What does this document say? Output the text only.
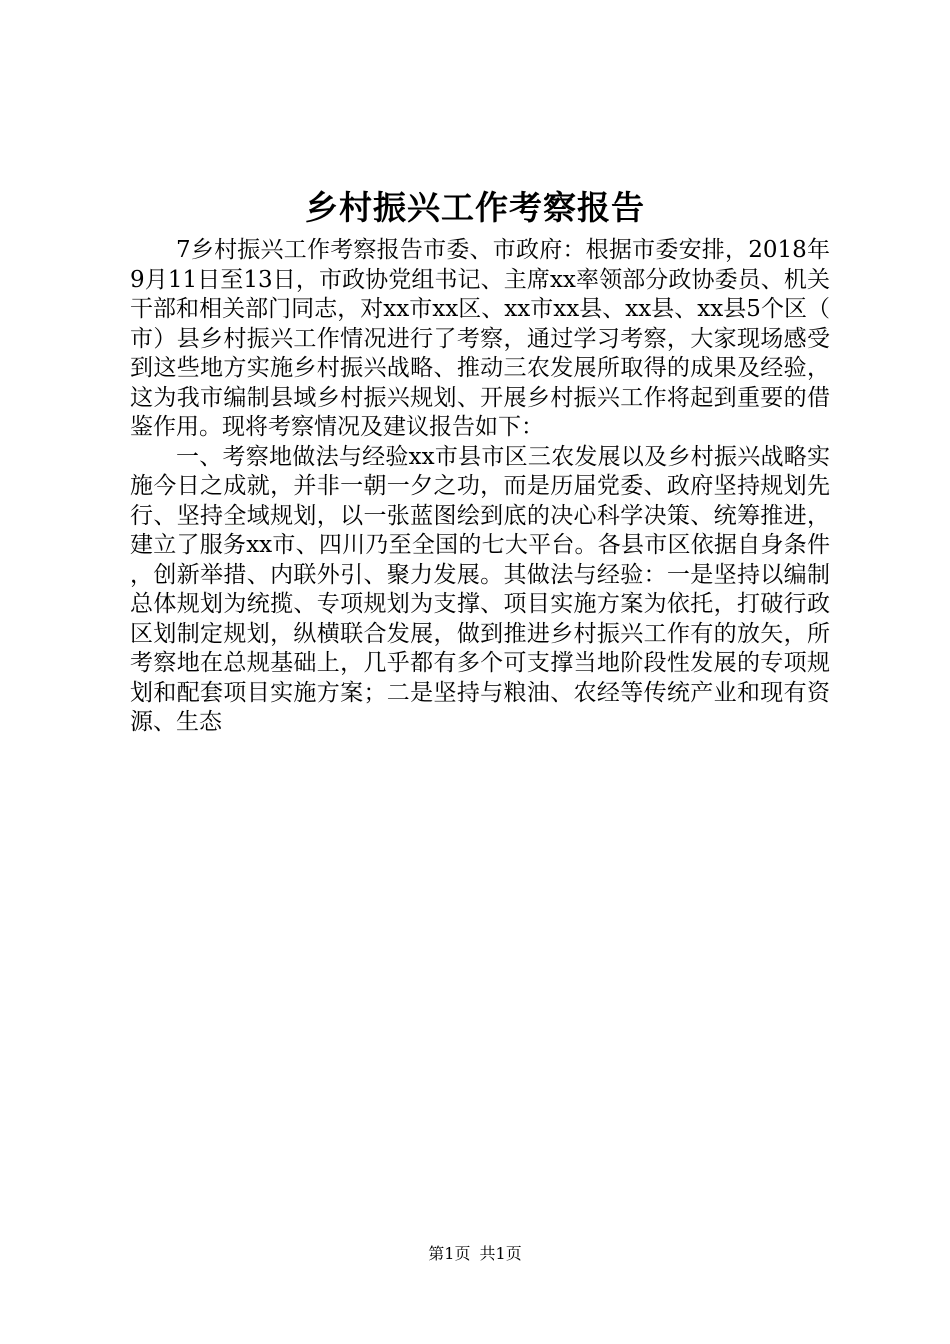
乡村振兴工作考察报告

7乡村振兴工作考察报告市委、市政府：根据市委安排，2018年9月11日至13日，市政协党组书记、主席xx率领部分政协委员、机关干部和相关部门同志，对xx市xx区、xx市xx县、xx县、xx县5个区（市）县乡村振兴工作情况进行了考察，通过学习考察，大家现场感受到这些地方实施乡村振兴战略、推动三农发展所取得的成果及经验，这为我市编制县域乡村振兴规划、开展乡村振兴工作将起到重要的借鉴作用。现将考察情况及建议报告如下：

一、考察地做法与经验xx市县市区三农发展以及乡村振兴战略实施今日之成就，并非一朝一夕之功，而是历届党委、政府坚持规划先行、坚持全域规划，以一张蓝图绘到底的决心科学决策、统筹推进，建立了服务xx市、四川乃至全国的七大平台。各县市区依据自身条件，创新举措、内联外引、聚力发展。其做法与经验：一是坚持以编制总体规划为统揽、专项规划为支撑、项目实施方案为依托，打破行政区划制定规划，纵横联合发展，做到推进乡村振兴工作有的放矢，所考察地在总规基础上，几乎都有多个可支撑当地阶段性发展的专项规划和配套项目实施方案；二是坚持与粮油、农经等传统产业和现有资源、生态

第1页 共1页
